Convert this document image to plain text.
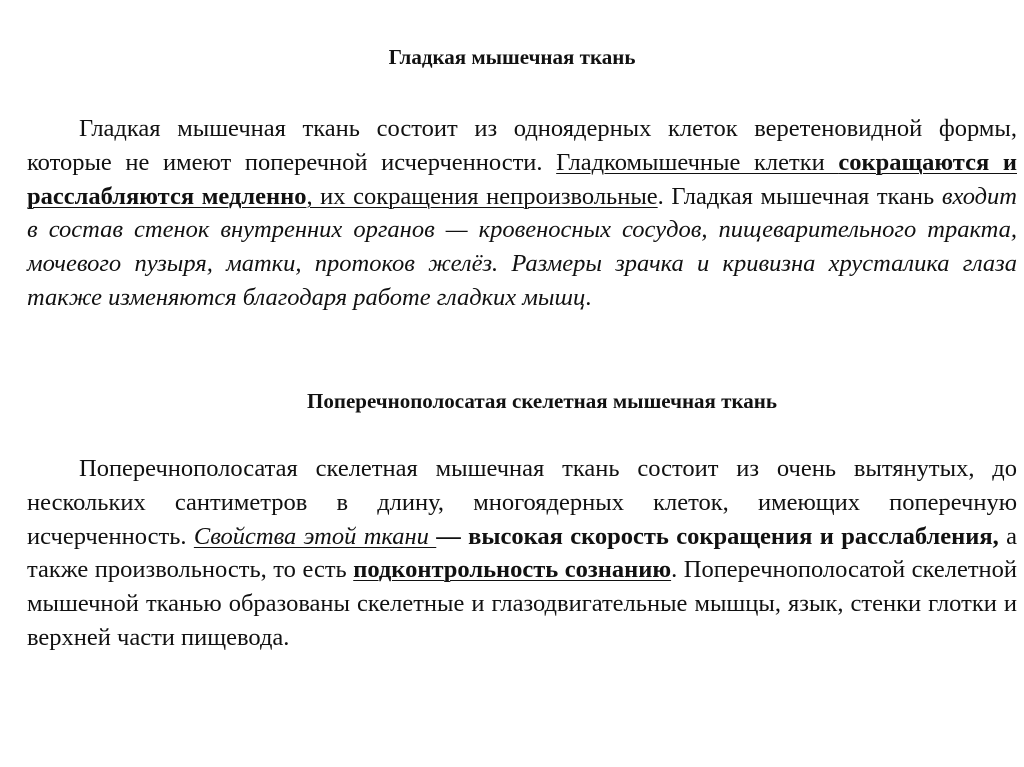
Гладкая мышечная ткань

Гладкая мышечная ткань состоит из одноядерных клеток веретеновидной формы, которые не имеют поперечной исчерченности. Гладкомышечные клетки сокращаются и расслабляются медленно, их сокращения непроизвольные. Гладкая мышечная ткань входит в состав стенок внутренних органов — кровеносных сосудов, пищеварительного тракта, мочевого пузыря, матки, протоков желёз. Размеры зрачка и кривизна хрусталика глаза также изменяются благодаря работе гладких мышц.

Поперечнополосатая скелетная мышечная ткань

Поперечнополосатая скелетная мышечная ткань состоит из очень вытянутых, до нескольких сантиметров в длину, многоядерных клеток, имеющих поперечную исчерченность. Свойства этой ткани — высокая скорость сокращения и расслабления, а также произвольность, то есть подконтрольность сознанию. Поперечнополосатой скелетной мышечной тканью образованы скелетные и глазодвигательные мышцы, язык, стенки глотки и верхней части пищевода.
